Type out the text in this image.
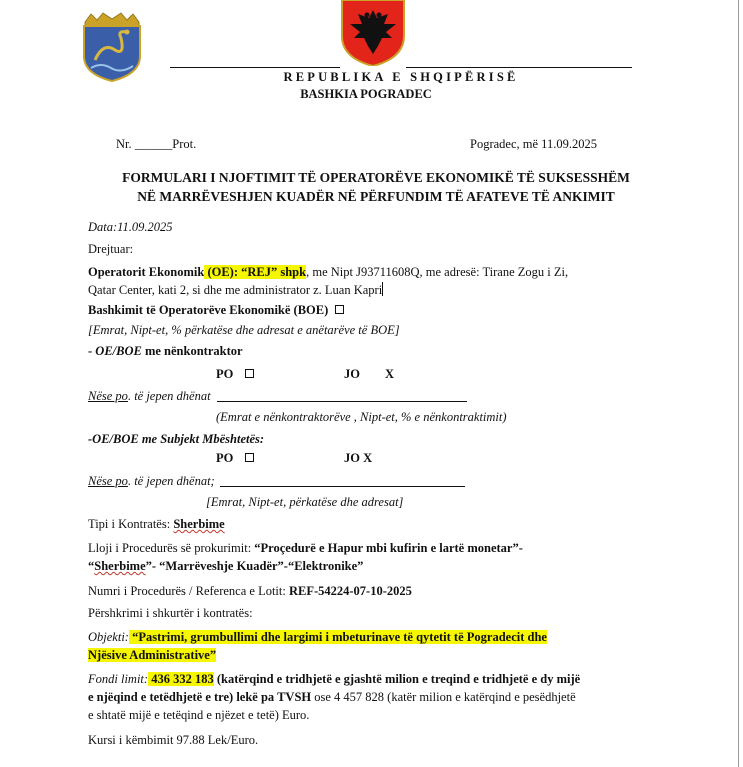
REPUBLIKA E SHQIPËRISË
BASHKIA POGRADEC
Nr. ______Prot.	Pogradec, më 11.09.2025
FORMULARI I NJOFTIMIT TË OPERATORËVE EKONOMIKË TË SUKSESSHËM
NË MARRËVESHJEN KUADËR NË PËRFUNDIM TË AFATEVE TË ANKIMIT
Data:11.09.2025
Drejtuar:
Operatorit Ekonomik (OE): “REJ” shpk, me Nipt J93711608Q, me adresë: Tirane Zogu i Zi,
Qatar Center, kati 2, si dhe me administrator z. Luan Kapri
Bashkimit të Operatorëve Ekonomikë (BOE)
[Emrat, Nipt-et, % përkatëse dhe adresat e anëtarëve të BOE]
- OE/BOE me nënkontraktor
PO	JO X
Nëse po. të jepen dhënat
(Emrat e nënkontraktorëve , Nipt-et, % e nënkontraktimit)
-OE/BOE me Subjekt Mbështetës:
PO	JO X
Nëse po. të jepen dhënat;
[Emrat, Nipt-et, përkatëse dhe adresat]
Tipi i Kontratës: Sherbime
Lloji i Procedurës së prokurimit: “Proçedurë e Hapur mbi kufirin e lartë monetar”-
“Sherbime”- “Marrëveshje Kuadër”-“Elektronike”
Numri i Procedurës / Referenca e Lotit: REF-54224-07-10-2025
Përshkrimi i shkurtër i kontratës:
Objekti: “Pastrimi, grumbullimi dhe largimi i mbeturinave të qytetit të Pogradecit dhe
Njësive Administrative”
Fondi limit: 436 332 183 (katërqind e tridhjetë e gjashtë milion e treqind e tridhjetë e dy mijë
e njëqind e tetëdhjetë e tre) lekë pa TVSH ose 4 457 828 (katër milion e katërqind e pesëdhjetë
e shtatë mijë e tetëqind e njëzet e tetë) Euro.
Kursi i këmbimit 97.88 Lek/Euro.
